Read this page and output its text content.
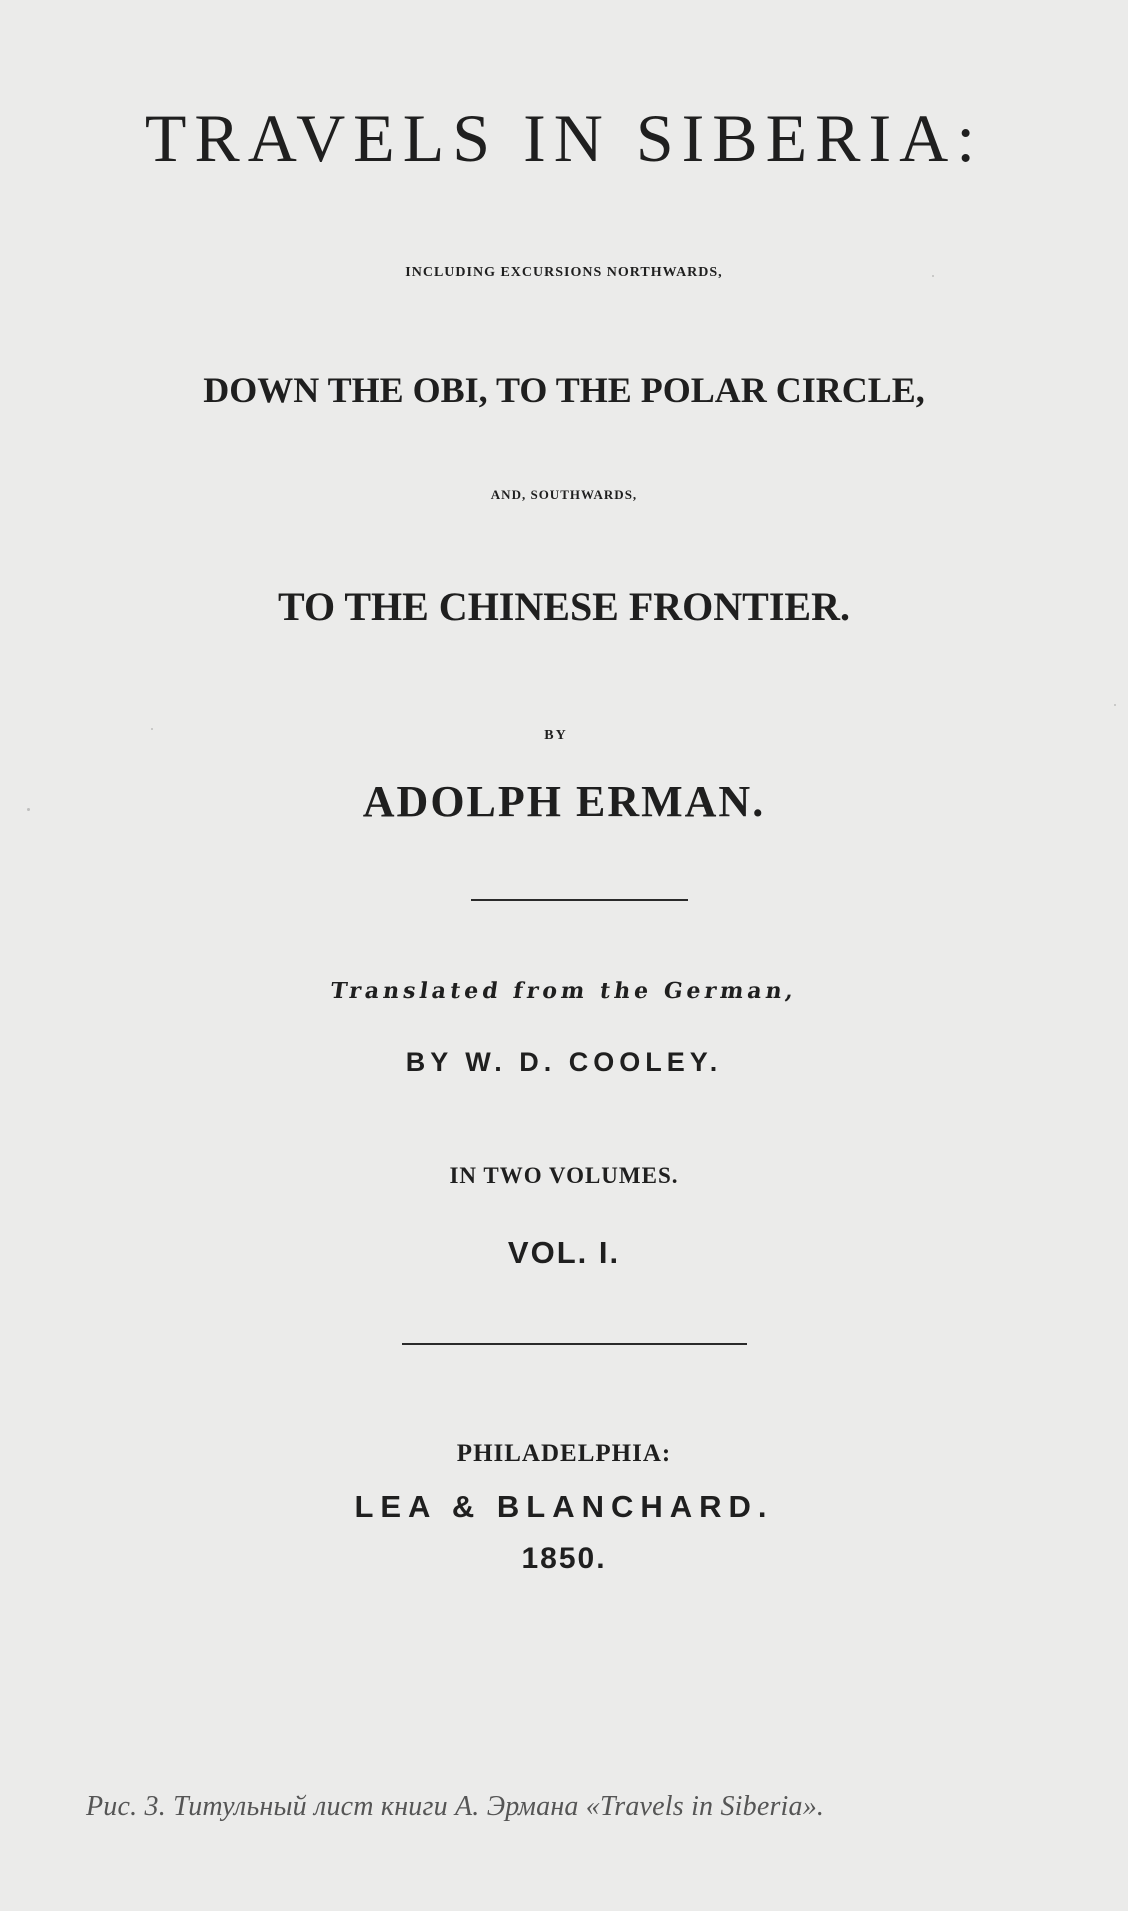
TRAVELS IN SIBERIA:
INCLUDING EXCURSIONS NORTHWARDS,
DOWN THE OBI, TO THE POLAR CIRCLE,
AND, SOUTHWARDS,
TO THE CHINESE FRONTIER.
BY
ADOLPH ERMAN.
Translated from the German,
BY W. D. COOLEY.
IN TWO VOLUMES.
VOL. I.
PHILADELPHIA:
LEA & BLANCHARD.
1850.
Рис. 3. Титульный лист книги А. Эрмана «Travels in Siberia».
